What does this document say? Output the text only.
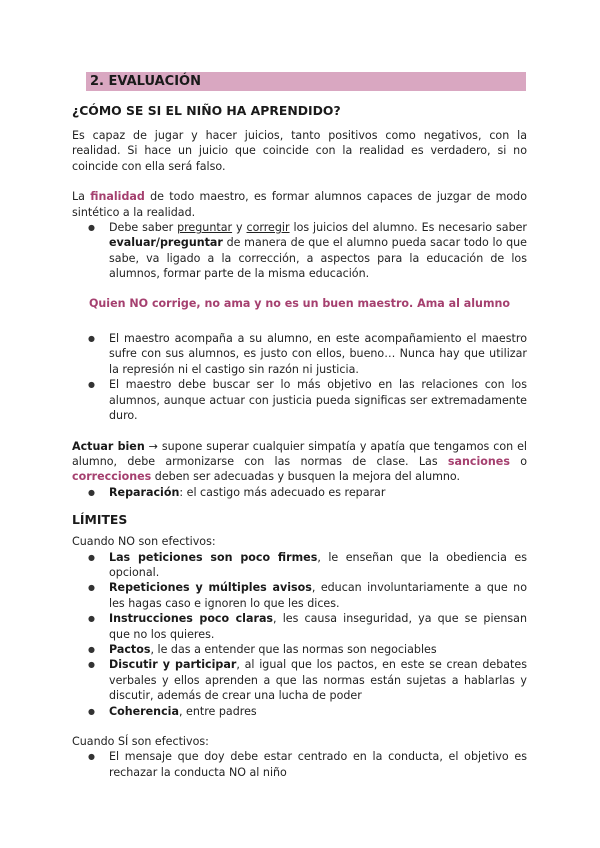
2. EVALUACIÓN
¿CÓMO SE SI EL NIÑO HA APRENDIDO?

Es capaz de jugar y hacer juicios, tanto positivos como negativos, con la realidad. Si hace un juicio que coincide con la realidad es verdadero, si no coincide con ella será falso.

La finalidad de todo maestro, es formar alumnos capaces de juzgar de modo sintético a la realidad.

● Debe saber preguntar y corregir los juicios del alumno. Es necesario saber evaluar/preguntar de manera de que el alumno pueda sacar todo lo que sabe, va ligado a la corrección, a aspectos para la educación de los alumnos, formar parte de la misma educación.

Quien NO corrige, no ama y no es un buen maestro. Ama al alumno

● El maestro acompaña a su alumno, en este acompañamiento el maestro sufre con sus alumnos, es justo con ellos, bueno… Nunca hay que utilizar la represión ni el castigo sin razón ni justicia.
● El maestro debe buscar ser lo más objetivo en las relaciones con los alumnos, aunque actuar con justicia pueda significas ser extremadamente duro.

Actuar bien → supone superar cualquier simpatía y apatía que tengamos con el alumno, debe armonizarse con las normas de clase. Las sanciones o correcciones deben ser adecuadas y busquen la mejora del alumno.

● Reparación: el castigo más adecuado es reparar
LÍMITES

Cuando NO son efectivos:

● Las peticiones son poco firmes, le enseñan que la obediencia es opcional.
● Repeticiones y múltiples avisos, educan involuntariamente a que no les hagas caso e ignoren lo que les dices.
● Instrucciones poco claras, les causa inseguridad, ya que se piensan que no los quieres.
● Pactos, le das a entender que las normas son negociables
● Discutir y participar, al igual que los pactos, en este se crean debates verbales y ellos aprenden a que las normas están sujetas a hablarlas y discutir, además de crear una lucha de poder
● Coherencia, entre padres

Cuando SÍ son efectivos:

● El mensaje que doy debe estar centrado en la conducta, el objetivo es rechazar la conducta NO al niño
